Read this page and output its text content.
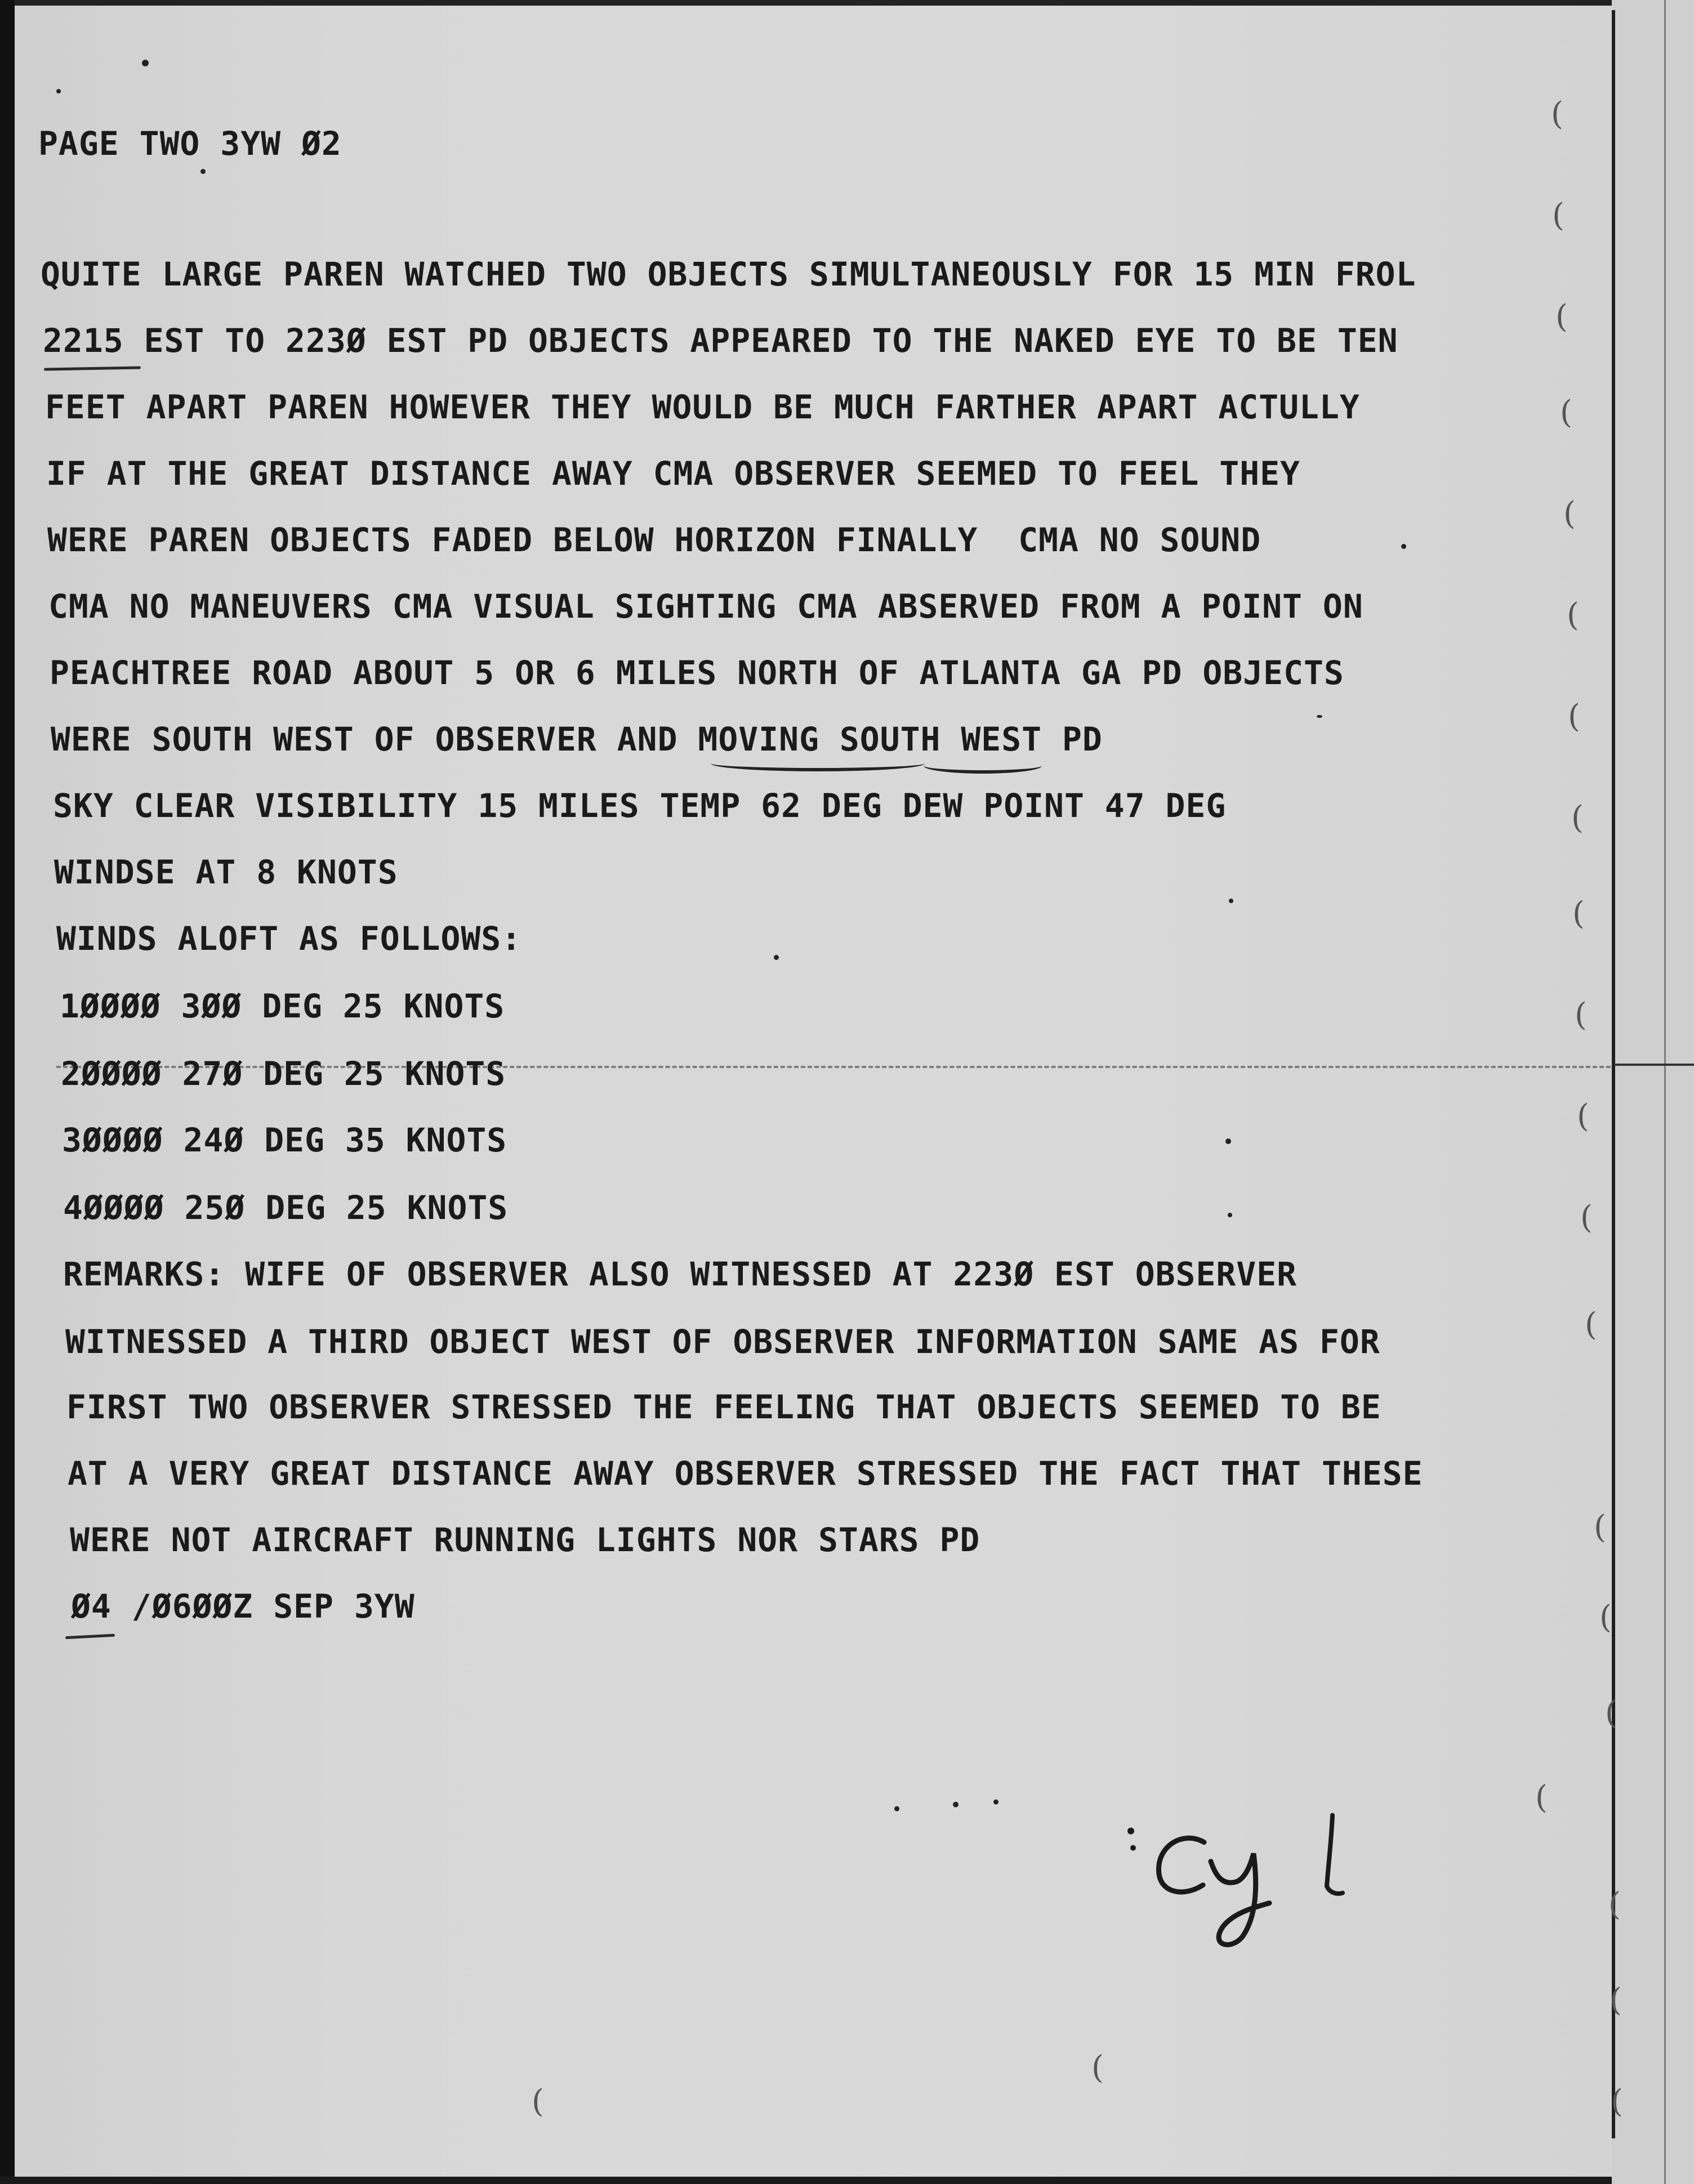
PAGE TWO 3YW Ø2
QUITE LARGE PAREN WATCHED TWO OBJECTS SIMULTANEOUSLY FOR 15 MIN FROL
2215 EST TO 223Ø EST PD OBJECTS APPEARED TO THE NAKED EYE TO BE TEN
FEET APART PAREN HOWEVER THEY WOULD BE MUCH FARTHER APART ACTULLY
IF AT THE GREAT DISTANCE AWAY CMA OBSERVER SEEMED TO FEEL THEY
WERE PAREN OBJECTS FADED BELOW HORIZON FINALLY  CMA NO SOUND
CMA NO MANEUVERS CMA VISUAL SIGHTING CMA ABSERVED FROM A POINT ON
PEACHTREE ROAD ABOUT 5 OR 6 MILES NORTH OF ATLANTA GA PD OBJECTS
WERE SOUTH WEST OF OBSERVER AND MOVING SOUTH WEST PD
SKY CLEAR VISIBILITY 15 MILES TEMP 62 DEG DEW POINT 47 DEG
WINDSE AT 8 KNOTS
WINDS ALOFT AS FOLLOWS:
1ØØØØ 3ØØ DEG 25 KNOTS
2ØØØØ 27Ø DEG 25 KNOTS
3ØØØØ 24Ø DEG 35 KNOTS
4ØØØØ 25Ø DEG 25 KNOTS
REMARKS: WIFE OF OBSERVER ALSO WITNESSED AT 223Ø EST OBSERVER
WITNESSED A THIRD OBJECT WEST OF OBSERVER INFORMATION SAME AS FOR
FIRST TWO OBSERVER STRESSED THE FEELING THAT OBJECTS SEEMED TO BE
AT A VERY GREAT DISTANCE AWAY OBSERVER STRESSED THE FACT THAT THESE
WERE NOT AIRCRAFT RUNNING LIGHTS NOR STARS PD
Ø4 /Ø6ØØZ SEP 3YW
(
(
(
(
(
(
(
(
(
(
(
(
(
(
(
(
(
(
(
(
(
(
